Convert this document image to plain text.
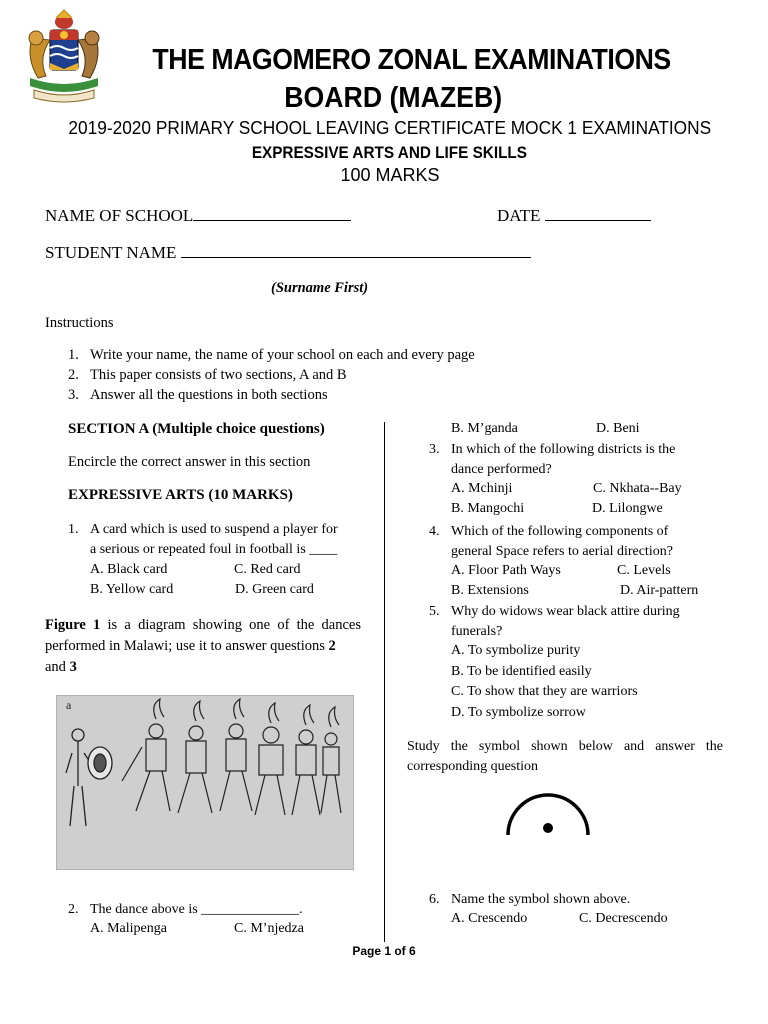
THE MAGOMERO ZONAL EXAMINATIONS
BOARD (MAZEB)
2019-2020 PRIMARY SCHOOL LEAVING CERTIFICATE MOCK 1 EXAMINATIONS
EXPRESSIVE ARTS AND LIFE SKILLS
100 MARKS
NAME OF SCHOOL	DATE
STUDENT NAME
(Surname First)
Instructions
1. Write your name, the name of your school on each and every page
2. This paper consists of two sections, A and B
3. Answer all the questions in both sections
SECTION A (Multiple choice questions)
Encircle the correct answer in this section
EXPRESSIVE ARTS (10 MARKS)
1. A card which is used to suspend a player for
a serious or repeated foul in football is ____
A. Black card	C. Red card
B. Yellow card	D. Green card
Figure 1 is a diagram showing one of the dances performed in Malawi; use it to answer questions 2
and 3
a
2. The dance above is ______________.
A. Malipenga	C. M’njedza
B. M’ganda	D. Beni
3. In which of the following districts is the
dance performed?
A. Mchinji	C. Nkhata--Bay
B. Mangochi	D. Lilongwe
4. Which of the following components of
general Space refers to aerial direction?
A. Floor Path Ways	C. Levels
B. Extensions	D. Air-pattern
5. Why do widows wear black attire during
funerals?
A. To symbolize purity
B. To be identified easily
C. To show that they are warriors
D. To symbolize sorrow
Study the symbol shown below and answer the
corresponding question
6. Name the symbol shown above.
A. Crescendo	C. Decrescendo
Page 1 of 6
